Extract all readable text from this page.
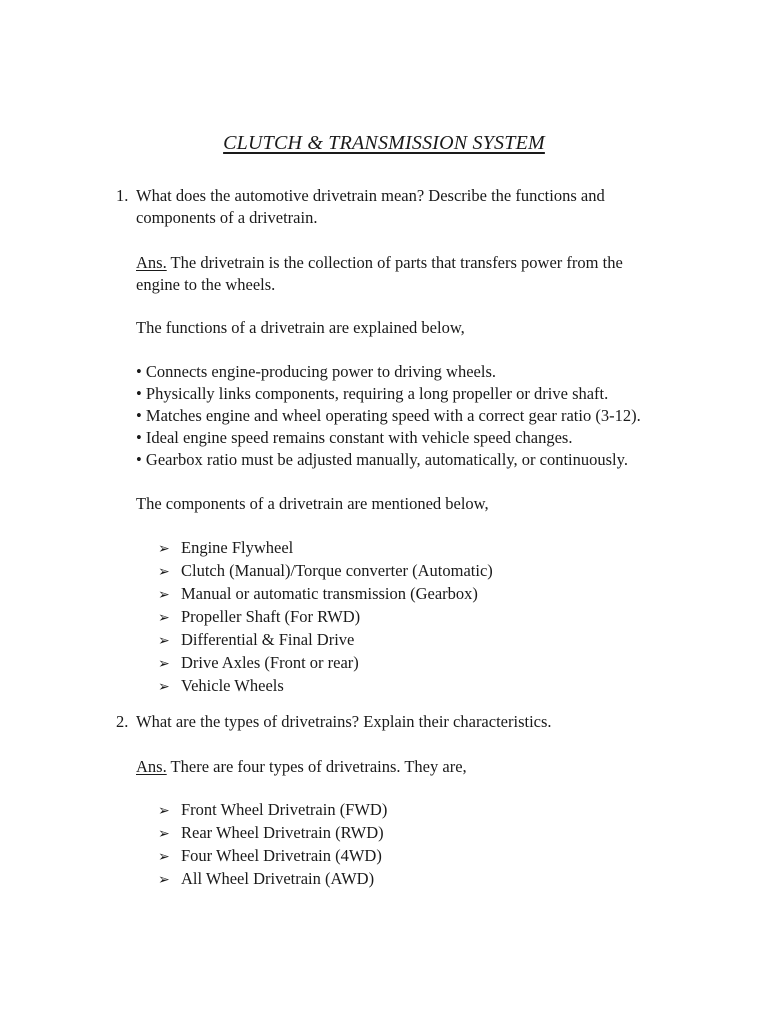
CLUTCH & TRANSMISSION SYSTEM
1. What does the automotive drivetrain mean? Describe the functions and
components of a drivetrain.
Ans. The drivetrain is the collection of parts that transfers power from the
engine to the wheels.
The functions of a drivetrain are explained below,
• Connects engine-producing power to driving wheels.
• Physically links components, requiring a long propeller or drive shaft.
• Matches engine and wheel operating speed with a correct gear ratio (3-12).
• Ideal engine speed remains constant with vehicle speed changes.
• Gearbox ratio must be adjusted manually, automatically, or continuously.
The components of a drivetrain are mentioned below,
➢ Engine Flywheel
➢ Clutch (Manual)/Torque converter (Automatic)
➢ Manual or automatic transmission (Gearbox)
➢ Propeller Shaft (For RWD)
➢ Differential & Final Drive
➢ Drive Axles (Front or rear)
➢ Vehicle Wheels
2. What are the types of drivetrains? Explain their characteristics.
Ans. There are four types of drivetrains. They are,
➢ Front Wheel Drivetrain (FWD)
➢ Rear Wheel Drivetrain (RWD)
➢ Four Wheel Drivetrain (4WD)
➢ All Wheel Drivetrain (AWD)
